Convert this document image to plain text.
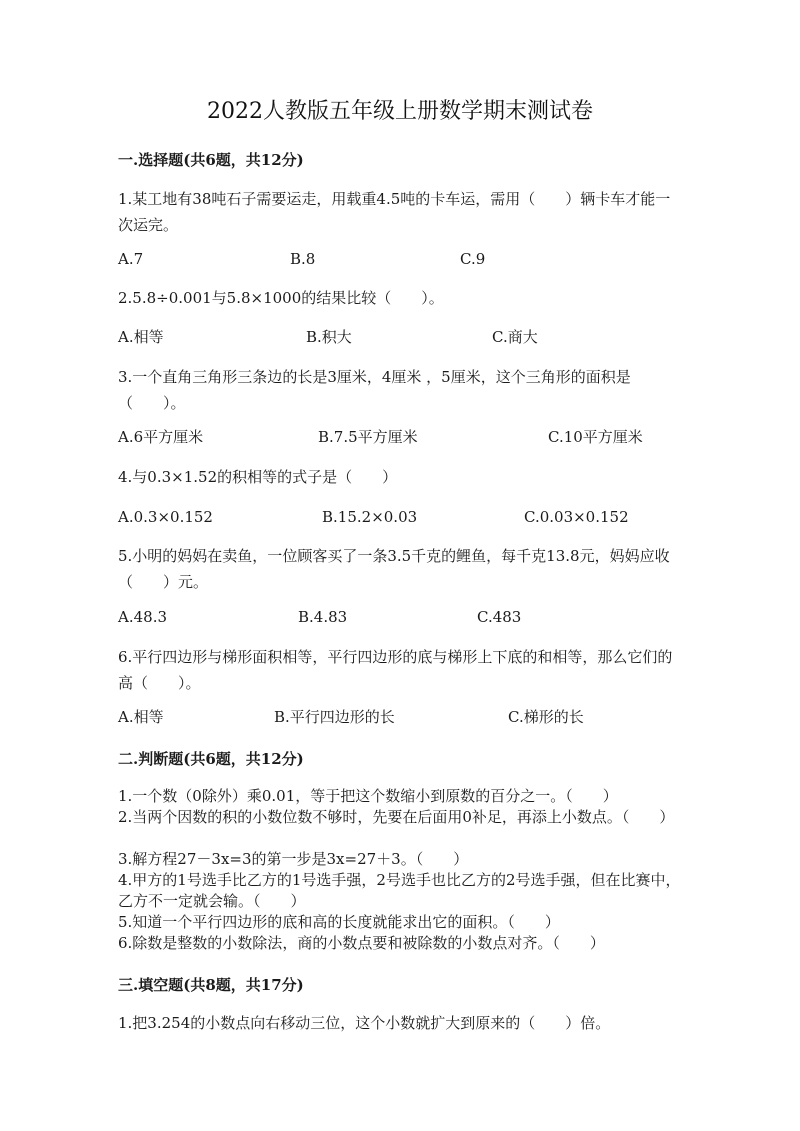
2022人教版五年级上册数学期末测试卷
一.选择题(共6题，共12分)
1.某工地有38吨石子需要运走，用载重4.5吨的卡车运，需用（　　）辆卡车才能一次运完。
A.7	B.8	C.9
2.5.8÷0.001与5.8×1000的结果比较（　　）。
A.相等	B.积大	C.商大
3.一个直角三角形三条边的长是3厘米，4厘米 ，5厘米，这个三角形的面积是（　　）。
A.6平方厘米	B.7.5平方厘米	C.10平方厘米
4.与0.3×1.52的积相等的式子是（　　）
A.0.3×0.152	B.15.2×0.03	C.0.03×0.152
5.小明的妈妈在卖鱼，一位顾客买了一条3.5千克的鲤鱼，每千克13.8元，妈妈应收（　　）元。
A.48.3	B.4.83	C.483
6.平行四边形与梯形面积相等，平行四边形的底与梯形上下底的和相等，那么它们的高（　　）。
A.相等	B.平行四边形的长	C.梯形的长
二.判断题(共6题，共12分)
1.一个数（0除外）乘0.01，等于把这个数缩小到原数的百分之一。（　　）
2.当两个因数的积的小数位数不够时，先要在后面用0补足，再添上小数点。（　　）
3.解方程27－3x=3的第一步是3x=27＋3。（　　）
4.甲方的1号选手比乙方的1号选手强，2号选手也比乙方的2号选手强，但在比赛中，乙方不一定就会输。（　　）
5.知道一个平行四边形的底和高的长度就能求出它的面积。（　　）
6.除数是整数的小数除法，商的小数点要和被除数的小数点对齐。（　　）
三.填空题(共8题，共17分)
1.把3.254的小数点向右移动三位，这个小数就扩大到原来的（　　）倍。
